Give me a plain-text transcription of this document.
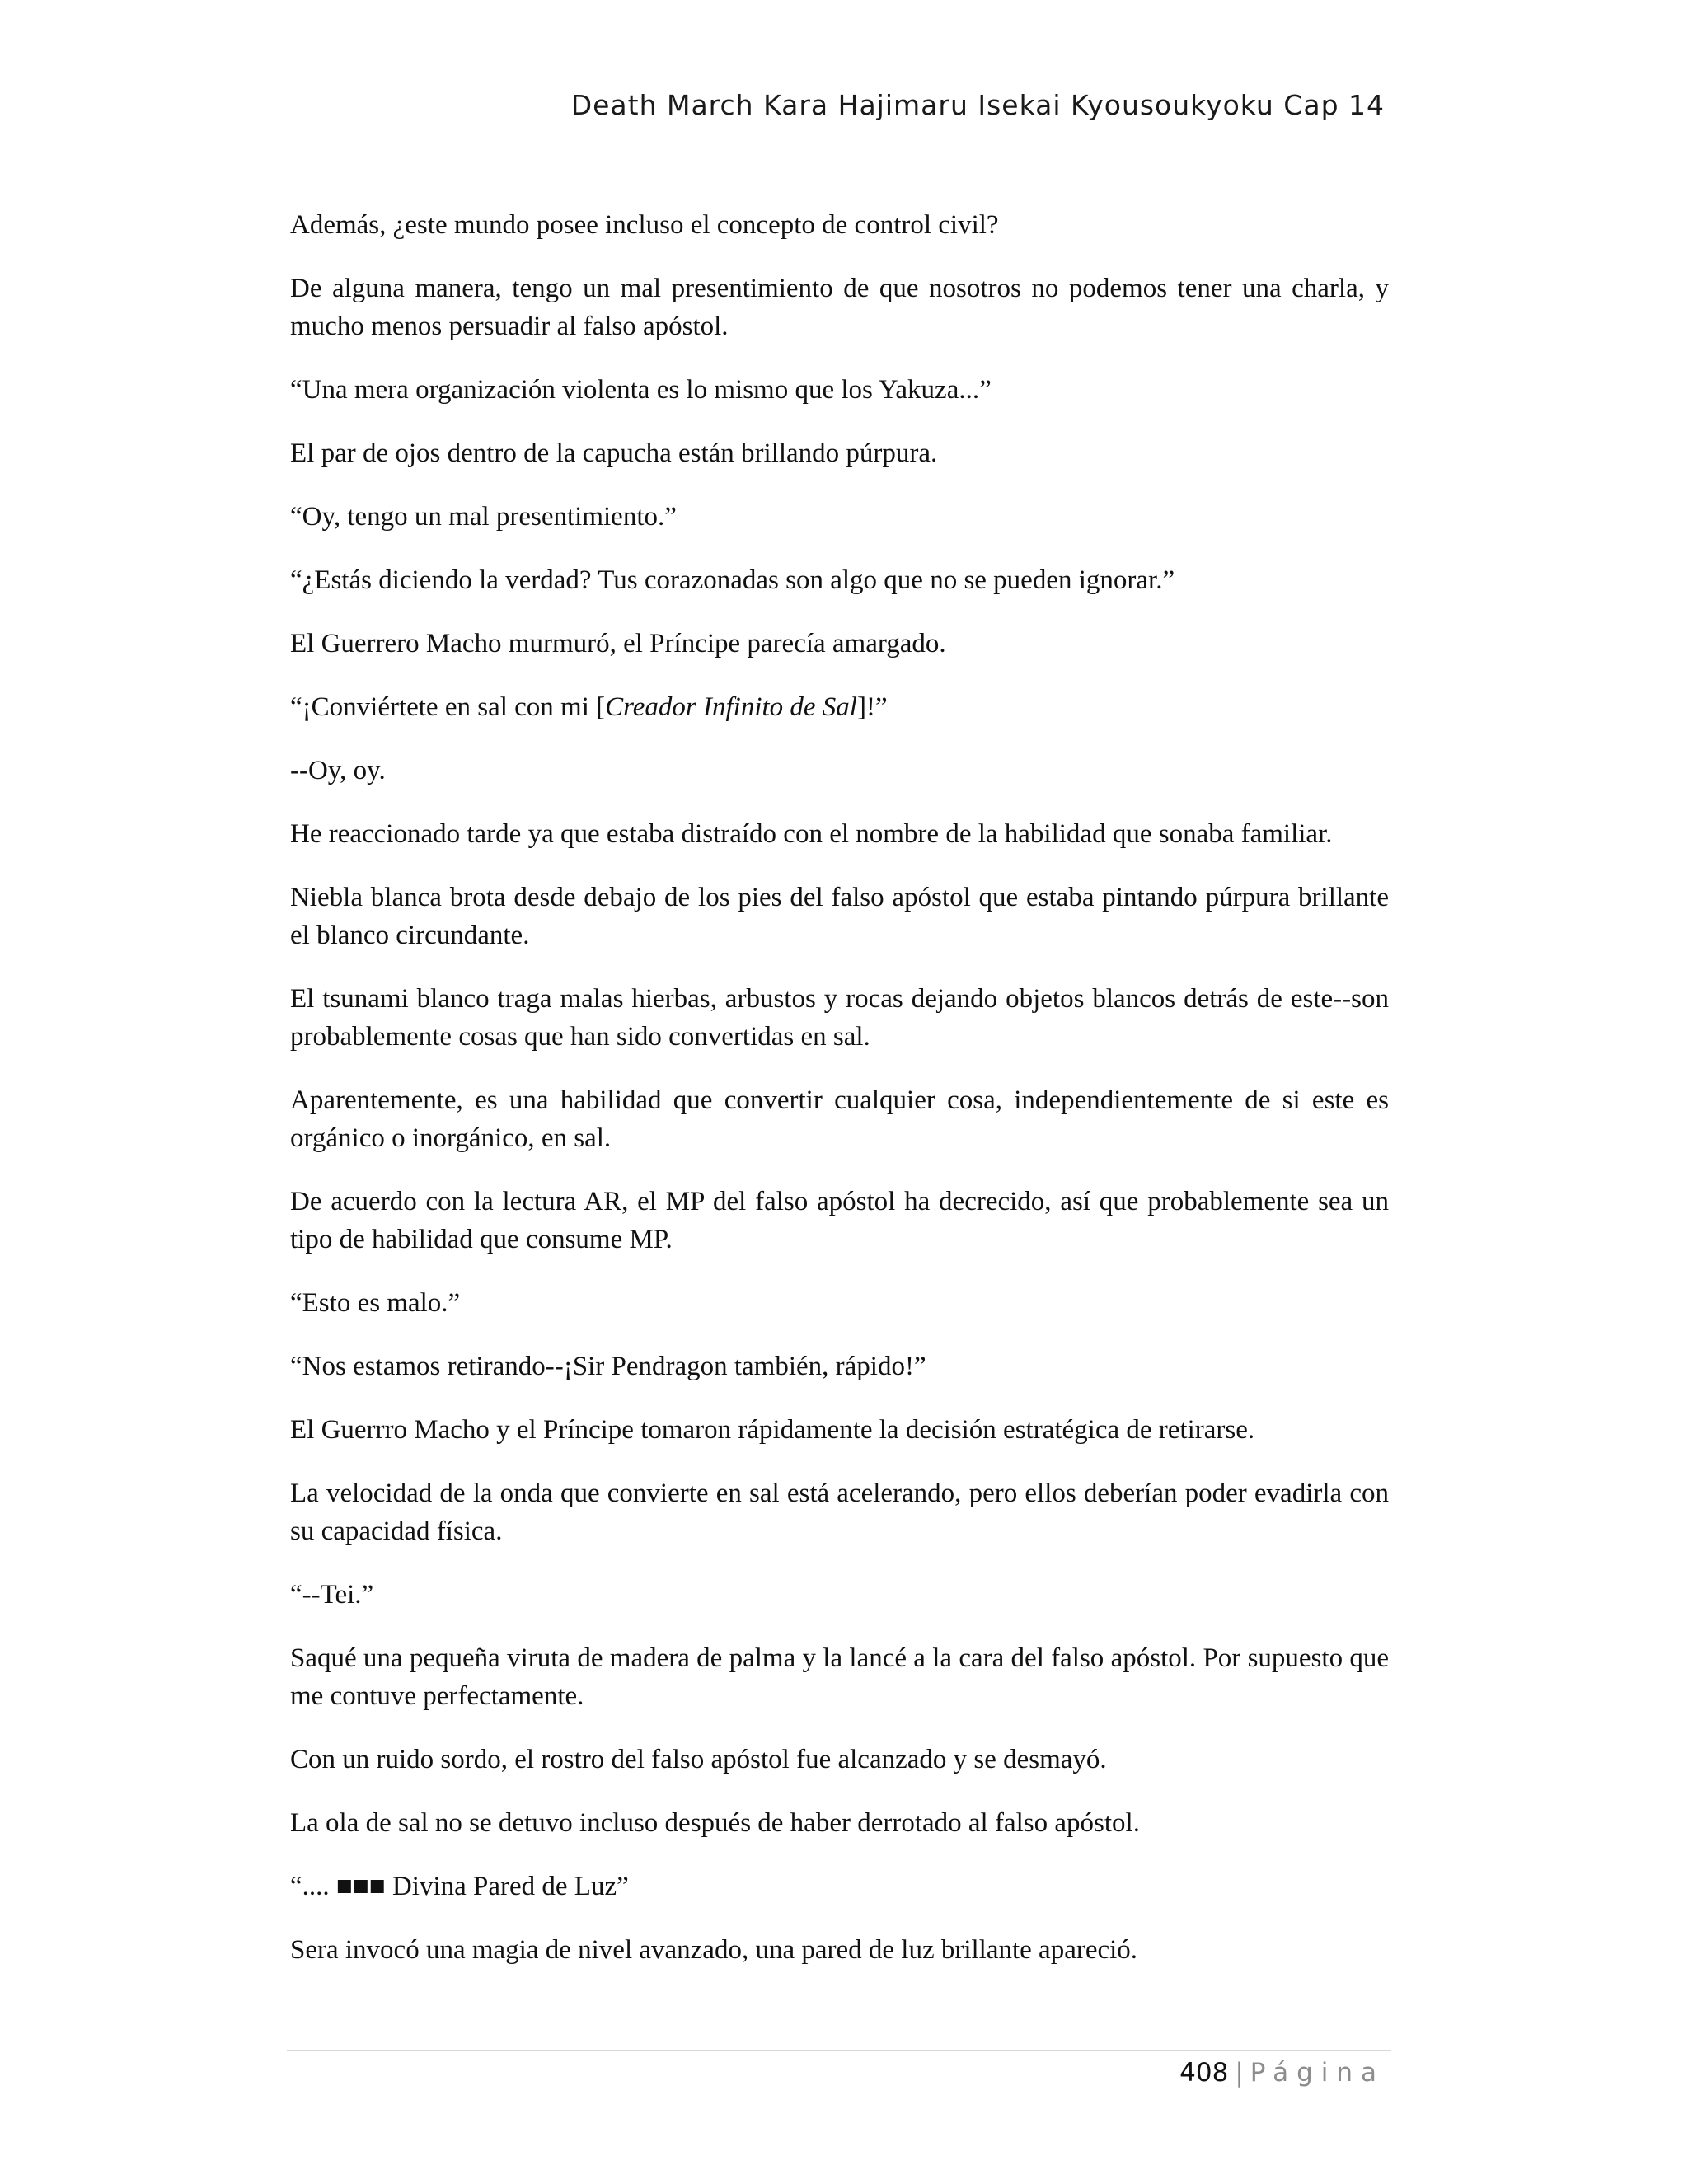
Death March Kara Hajimaru Isekai Kyousoukyoku Cap 14

Además, ¿este mundo posee incluso el concepto de control civil?

De alguna manera, tengo un mal presentimiento de que nosotros no podemos tener una charla, y mucho menos persuadir al falso apóstol.

“Una mera organización violenta es lo mismo que los Yakuza...”

El par de ojos dentro de la capucha están brillando púrpura.

“Oy, tengo un mal presentimiento.”

“¿Estás diciendo la verdad? Tus corazonadas son algo que no se pueden ignorar.”

El Guerrero Macho murmuró, el Príncipe parecía amargado.

“¡Conviértete en sal con mi [Creador Infinito de Sal]!”

--Oy, oy.

He reaccionado tarde ya que estaba distraído con el nombre de la habilidad que sonaba familiar.

Niebla blanca brota desde debajo de los pies del falso apóstol que estaba pintando púrpura brillante el blanco circundante.

El tsunami blanco traga malas hierbas, arbustos y rocas dejando objetos blancos detrás de este--son probablemente cosas que han sido convertidas en sal.

Aparentemente, es una habilidad que convertir cualquier cosa, independientemente de si este es orgánico o inorgánico, en sal.

De acuerdo con la lectura AR, el MP del falso apóstol ha decrecido, así que probablemente sea un tipo de habilidad que consume MP.

“Esto es malo.”

“Nos estamos retirando--¡Sir Pendragon también, rápido!”

El Guerrro Macho y el Príncipe tomaron rápidamente la decisión estratégica de retirarse.

La velocidad de la onda que convierte en sal está acelerando, pero ellos deberían poder evadirla con su capacidad física.

“--Tei.”

Saqué una pequeña viruta de madera de palma y la lancé a la cara del falso apóstol. Por supuesto que me contuve perfectamente.

Con un ruido sordo, el rostro del falso apóstol fue alcanzado y se desmayó.

La ola de sal no se detuvo incluso después de haber derrotado al falso apóstol.

“.... ■■■ Divina Pared de Luz”

Sera invocó una magia de nivel avanzado, una pared de luz brillante apareció.

408 | Página
